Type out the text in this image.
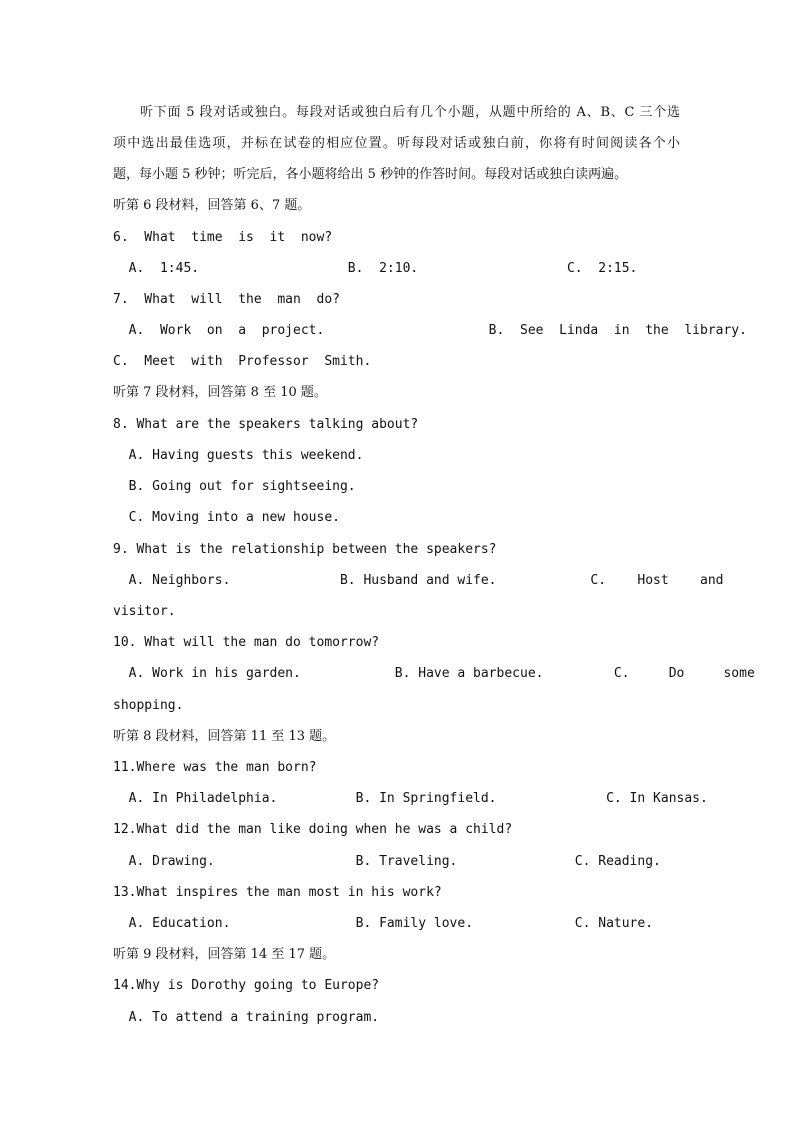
听下面 5 段对话或独白。每段对话或独白后有几个小题，从题中所给的 A、B、C 三个选
项中选出最佳选项，并标在试卷的相应位置。听每段对话或独白前，你将有时间阅读各个小
题，每小题 5 秒钟；听完后，各小题将给出 5 秒钟的作答时间。每段对话或独白读两遍。
听第 6 段材料，回答第 6、7 题。
6.  What  time  is  it  now?
A.  1:45.                   B.  2:10.                   C.  2:15.
7.  What  will  the  man  do?
A.  Work  on  a  project.                     B.  See  Linda  in  the  library.
C.  Meet  with  Professor  Smith.
听第 7 段材料，回答第 8 至 10 题。
8. What are the speakers talking about?
A. Having guests this weekend.
B. Going out for sightseeing.
C. Moving into a new house.
9. What is the relationship between the speakers?
A. Neighbors.              B. Husband and wife.            C.    Host    and
visitor.
10. What will the man do tomorrow?
A. Work in his garden.            B. Have a barbecue.         C.     Do     some
shopping.
听第 8 段材料，回答第 11 至 13 题。
11.Where was the man born?
A. In Philadelphia.          B. In Springfield.              C. In Kansas.
12.What did the man like doing when he was a child?
A. Drawing.                  B. Traveling.               C. Reading.
13.What inspires the man most in his work?
A. Education.                B. Family love.             C. Nature.
听第 9 段材料，回答第 14 至 17 题。
14.Why is Dorothy going to Europe?
A. To attend a training program.
